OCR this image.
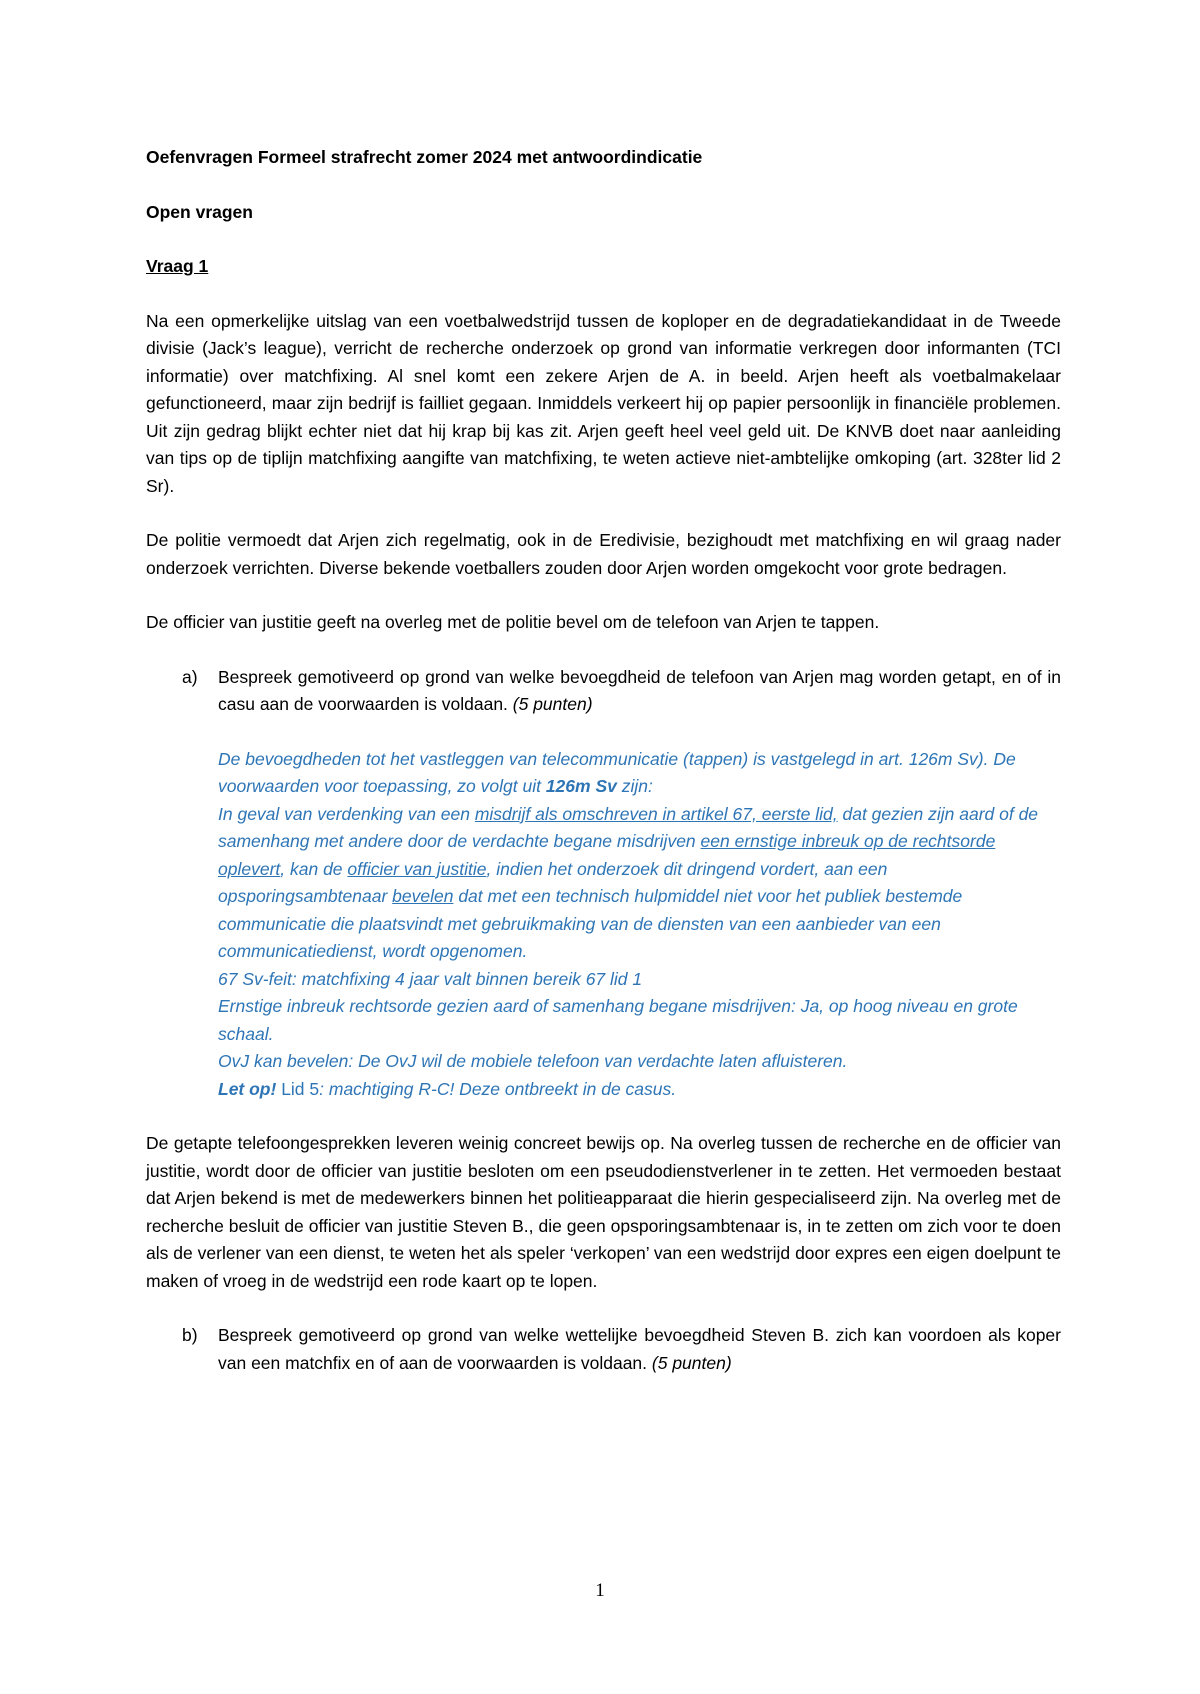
Oefenvragen Formeel strafrecht zomer 2024 met antwoordindicatie

Open vragen

Vraag 1

Na een opmerkelijke uitslag van een voetbalwedstrijd tussen de koploper en de degradatiekandidaat in de Tweede divisie (Jack’s league), verricht de recherche onderzoek op grond van informatie verkregen door informanten (TCI informatie) over matchfixing. Al snel komt een zekere Arjen de A. in beeld. Arjen heeft als voetbalmakelaar gefunctioneerd, maar zijn bedrijf is failliet gegaan. Inmiddels verkeert hij op papier persoonlijk in financiële problemen. Uit zijn gedrag blijkt echter niet dat hij krap bij kas zit. Arjen geeft heel veel geld uit. De KNVB doet naar aanleiding van tips op de tiplijn matchfixing aangifte van matchfixing, te weten actieve niet-ambtelijke omkoping (art. 328ter lid 2 Sr).

De politie vermoedt dat Arjen zich regelmatig, ook in de Eredivisie, bezighoudt met matchfixing en wil graag nader onderzoek verrichten. Diverse bekende voetballers zouden door Arjen worden omgekocht voor grote bedragen.

De officier van justitie geeft na overleg met de politie bevel om de telefoon van Arjen te tappen.

a) Bespreek gemotiveerd op grond van welke bevoegdheid de telefoon van Arjen mag worden getapt, en of in casu aan de voorwaarden is voldaan. (5 punten)

De bevoegdheden tot het vastleggen van telecommunicatie (tappen) is vastgelegd in art. 126m Sv). De voorwaarden voor toepassing, zo volgt uit 126m Sv zijn:
In geval van verdenking van een misdrijf als omschreven in artikel 67, eerste lid, dat gezien zijn aard of de samenhang met andere door de verdachte begane misdrijven een ernstige inbreuk op de rechtsorde oplevert, kan de officier van justitie, indien het onderzoek dit dringend vordert, aan een opsporingsambtenaar bevelen dat met een technisch hulpmiddel niet voor het publiek bestemde communicatie die plaatsvindt met gebruikmaking van de diensten van een aanbieder van een communicatiedienst, wordt opgenomen.
67 Sv-feit: matchfixing 4 jaar valt binnen bereik 67 lid 1
Ernstige inbreuk rechtsorde gezien aard of samenhang begane misdrijven: Ja, op hoog niveau en grote schaal.
OvJ kan bevelen: De OvJ wil de mobiele telefoon van verdachte laten afluisteren.
Let op! Lid 5: machtiging R-C! Deze ontbreekt in de casus.

De getapte telefoongesprekken leveren weinig concreet bewijs op. Na overleg tussen de recherche en de officier van justitie, wordt door de officier van justitie besloten om een pseudodienstverlener in te zetten. Het vermoeden bestaat dat Arjen bekend is met de medewerkers binnen het politieapparaat die hierin gespecialiseerd zijn. Na overleg met de recherche besluit de officier van justitie Steven B., die geen opsporingsambtenaar is, in te zetten om zich voor te doen als de verlener van een dienst, te weten het als speler ‘verkopen’ van een wedstrijd door expres een eigen doelpunt te maken of vroeg in de wedstrijd een rode kaart op te lopen.

b) Bespreek gemotiveerd op grond van welke wettelijke bevoegdheid Steven B. zich kan voordoen als koper van een matchfix en of aan de voorwaarden is voldaan. (5 punten)

1
